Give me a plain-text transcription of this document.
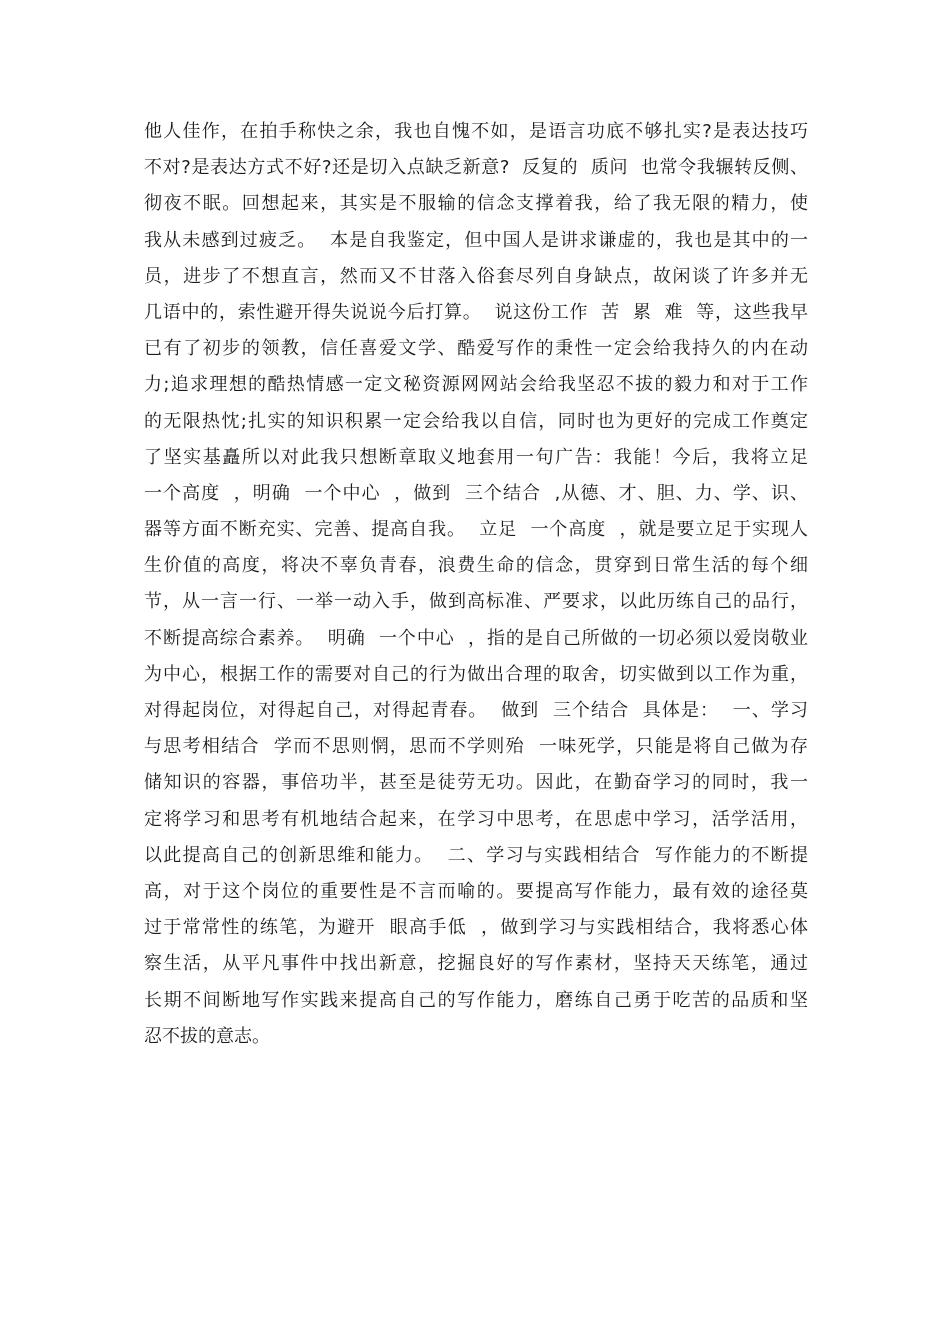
他人佳作，在拍手称快之余，我也自愧不如，是语言功底不够扎实?是表达技巧
不对?是表达方式不好?还是切入点缺乏新意?  反复的  质问  也常令我辗转反侧、
彻夜不眠。回想起来，其实是不服输的信念支撑着我，给了我无限的精力，使
我从未感到过疲乏。  本是自我鉴定，但中国人是讲求谦虚的，我也是其中的一
员，进步了不想直言，然而又不甘落入俗套尽列自身缺点，故闲谈了许多并无
几语中的，索性避开得失说说今后打算。  说这份工作  苦  累  难  等，这些我早
已有了初步的领教，信任喜爱文学、酷爱写作的秉性一定会给我持久的内在动
力;追求理想的酷热情感一定文秘资源网网站会给我坚忍不拔的毅力和对于工作
的无限热忱;扎实的知识积累一定会给我以自信，同时也为更好的完成工作奠定
了坚实基矗所以对此我只想断章取义地套用一句广告：我能！今后，我将立足
一个高度  ，明确  一个中心  ，做到  三个结合  ,从德、才、胆、力、学、识、
器等方面不断充实、完善、提高自我。  立足  一个高度  ，就是要立足于实现人
生价值的高度，将决不辜负青春，浪费生命的信念，贯穿到日常生活的每个细
节，从一言一行、一举一动入手，做到高标准、严要求，以此历练自己的品行，
不断提高综合素养。  明确  一个中心  ，指的是自己所做的一切必须以爱岗敬业
为中心，根据工作的需要对自己的行为做出合理的取舍，切实做到以工作为重，
对得起岗位，对得起自己，对得起青春。  做到  三个结合  具体是：  一、学习
与思考相结合  学而不思则惘，思而不学则殆  一味死学，只能是将自己做为存
储知识的容器，事倍功半，甚至是徒劳无功。因此，在勤奋学习的同时，我一
定将学习和思考有机地结合起来，在学习中思考，在思虑中学习，活学活用，
以此提高自己的创新思维和能力。  二、学习与实践相结合  写作能力的不断提
高，对于这个岗位的重要性是不言而喻的。要提高写作能力，最有效的途径莫
过于常常性的练笔，为避开  眼高手低  ，做到学习与实践相结合，我将悉心体
察生活，从平凡事件中找出新意，挖掘良好的写作素材，坚持天天练笔，通过
长期不间断地写作实践来提高自己的写作能力，磨练自己勇于吃苦的品质和坚
忍不拔的意志。
